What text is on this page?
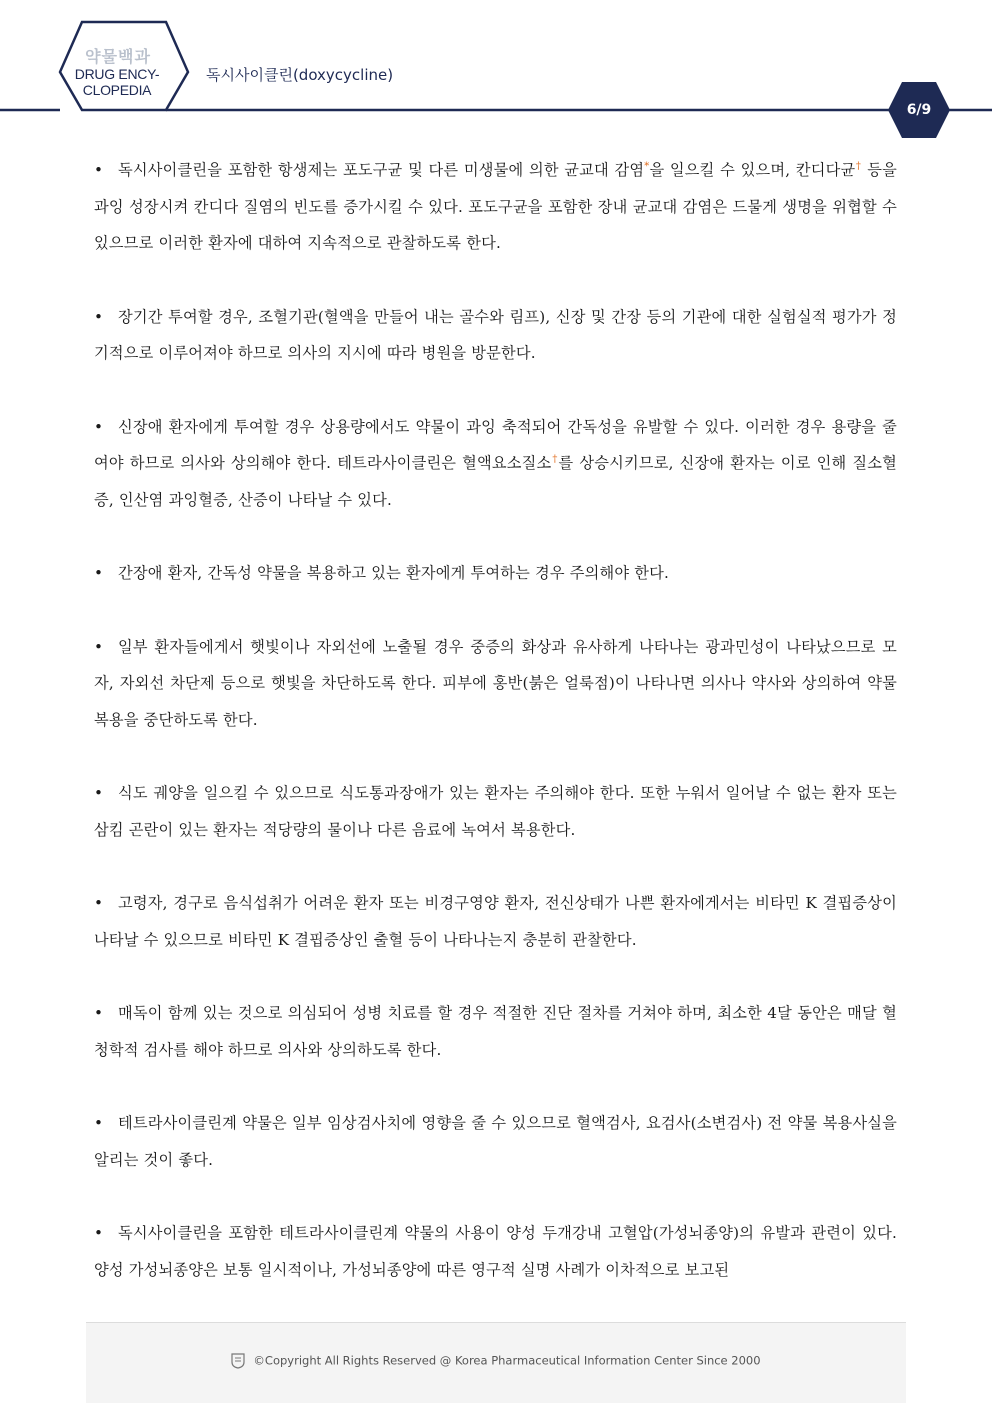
약물백과
DRUG ENCY-
CLOPEDIA
독시사이클린(doxycycline)
6/9

• 독시사이클린을 포함한 항생제는 포도구균 및 다른 미생물에 의한 균교대 감염*을 일으킬 수 있으며, 칸디다균† 등을 과잉 성장시켜 칸디다 질염의 빈도를 증가시킬 수 있다. 포도구균을 포함한 장내 균교대 감염은 드물게 생명을 위협할 수 있으므로 이러한 환자에 대하여 지속적으로 관찰하도록 한다.

• 장기간 투여할 경우, 조혈기관(혈액을 만들어 내는 골수와 림프), 신장 및 간장 등의 기관에 대한 실험실적 평가가 정기적으로 이루어져야 하므로 의사의 지시에 따라 병원을 방문한다.

• 신장애 환자에게 투여할 경우 상용량에서도 약물이 과잉 축적되어 간독성을 유발할 수 있다. 이러한 경우 용량을 줄여야 하므로 의사와 상의해야 한다. 테트라사이클린은 혈액요소질소†를 상승시키므로, 신장애 환자는 이로 인해 질소혈증, 인산염 과잉혈증, 산증이 나타날 수 있다.

• 간장애 환자, 간독성 약물을 복용하고 있는 환자에게 투여하는 경우 주의해야 한다.

• 일부 환자들에게서 햇빛이나 자외선에 노출될 경우 중증의 화상과 유사하게 나타나는 광과민성이 나타났으므로 모자, 자외선 차단제 등으로 햇빛을 차단하도록 한다. 피부에 홍반(붉은 얼룩점)이 나타나면 의사나 약사와 상의하여 약물 복용을 중단하도록 한다.

• 식도 궤양을 일으킬 수 있으므로 식도통과장애가 있는 환자는 주의해야 한다. 또한 누워서 일어날 수 없는 환자 또는 삼킴 곤란이 있는 환자는 적당량의 물이나 다른 음료에 녹여서 복용한다.

• 고령자, 경구로 음식섭취가 어려운 환자 또는 비경구영양 환자, 전신상태가 나쁜 환자에게서는 비타민 K 결핍증상이 나타날 수 있으므로 비타민 K 결핍증상인 출혈 등이 나타나는지 충분히 관찰한다.

• 매독이 함께 있는 것으로 의심되어 성병 치료를 할 경우 적절한 진단 절차를 거쳐야 하며, 최소한 4달 동안은 매달 혈청학적 검사를 해야 하므로 의사와 상의하도록 한다.

• 테트라사이클린계 약물은 일부 임상검사치에 영향을 줄 수 있으므로 혈액검사, 요검사(소변검사) 전 약물 복용사실을 알리는 것이 좋다.

• 독시사이클린을 포함한 테트라사이클린계 약물의 사용이 양성 두개강내 고혈압(가성뇌종양)의 유발과 관련이 있다. 양성 가성뇌종양은 보통 일시적이나, 가성뇌종양에 따른 영구적 실명 사례가 이차적으로 보고된

©Copyright All Rights Reserved @ Korea Pharmaceutical Information Center Since 2000
